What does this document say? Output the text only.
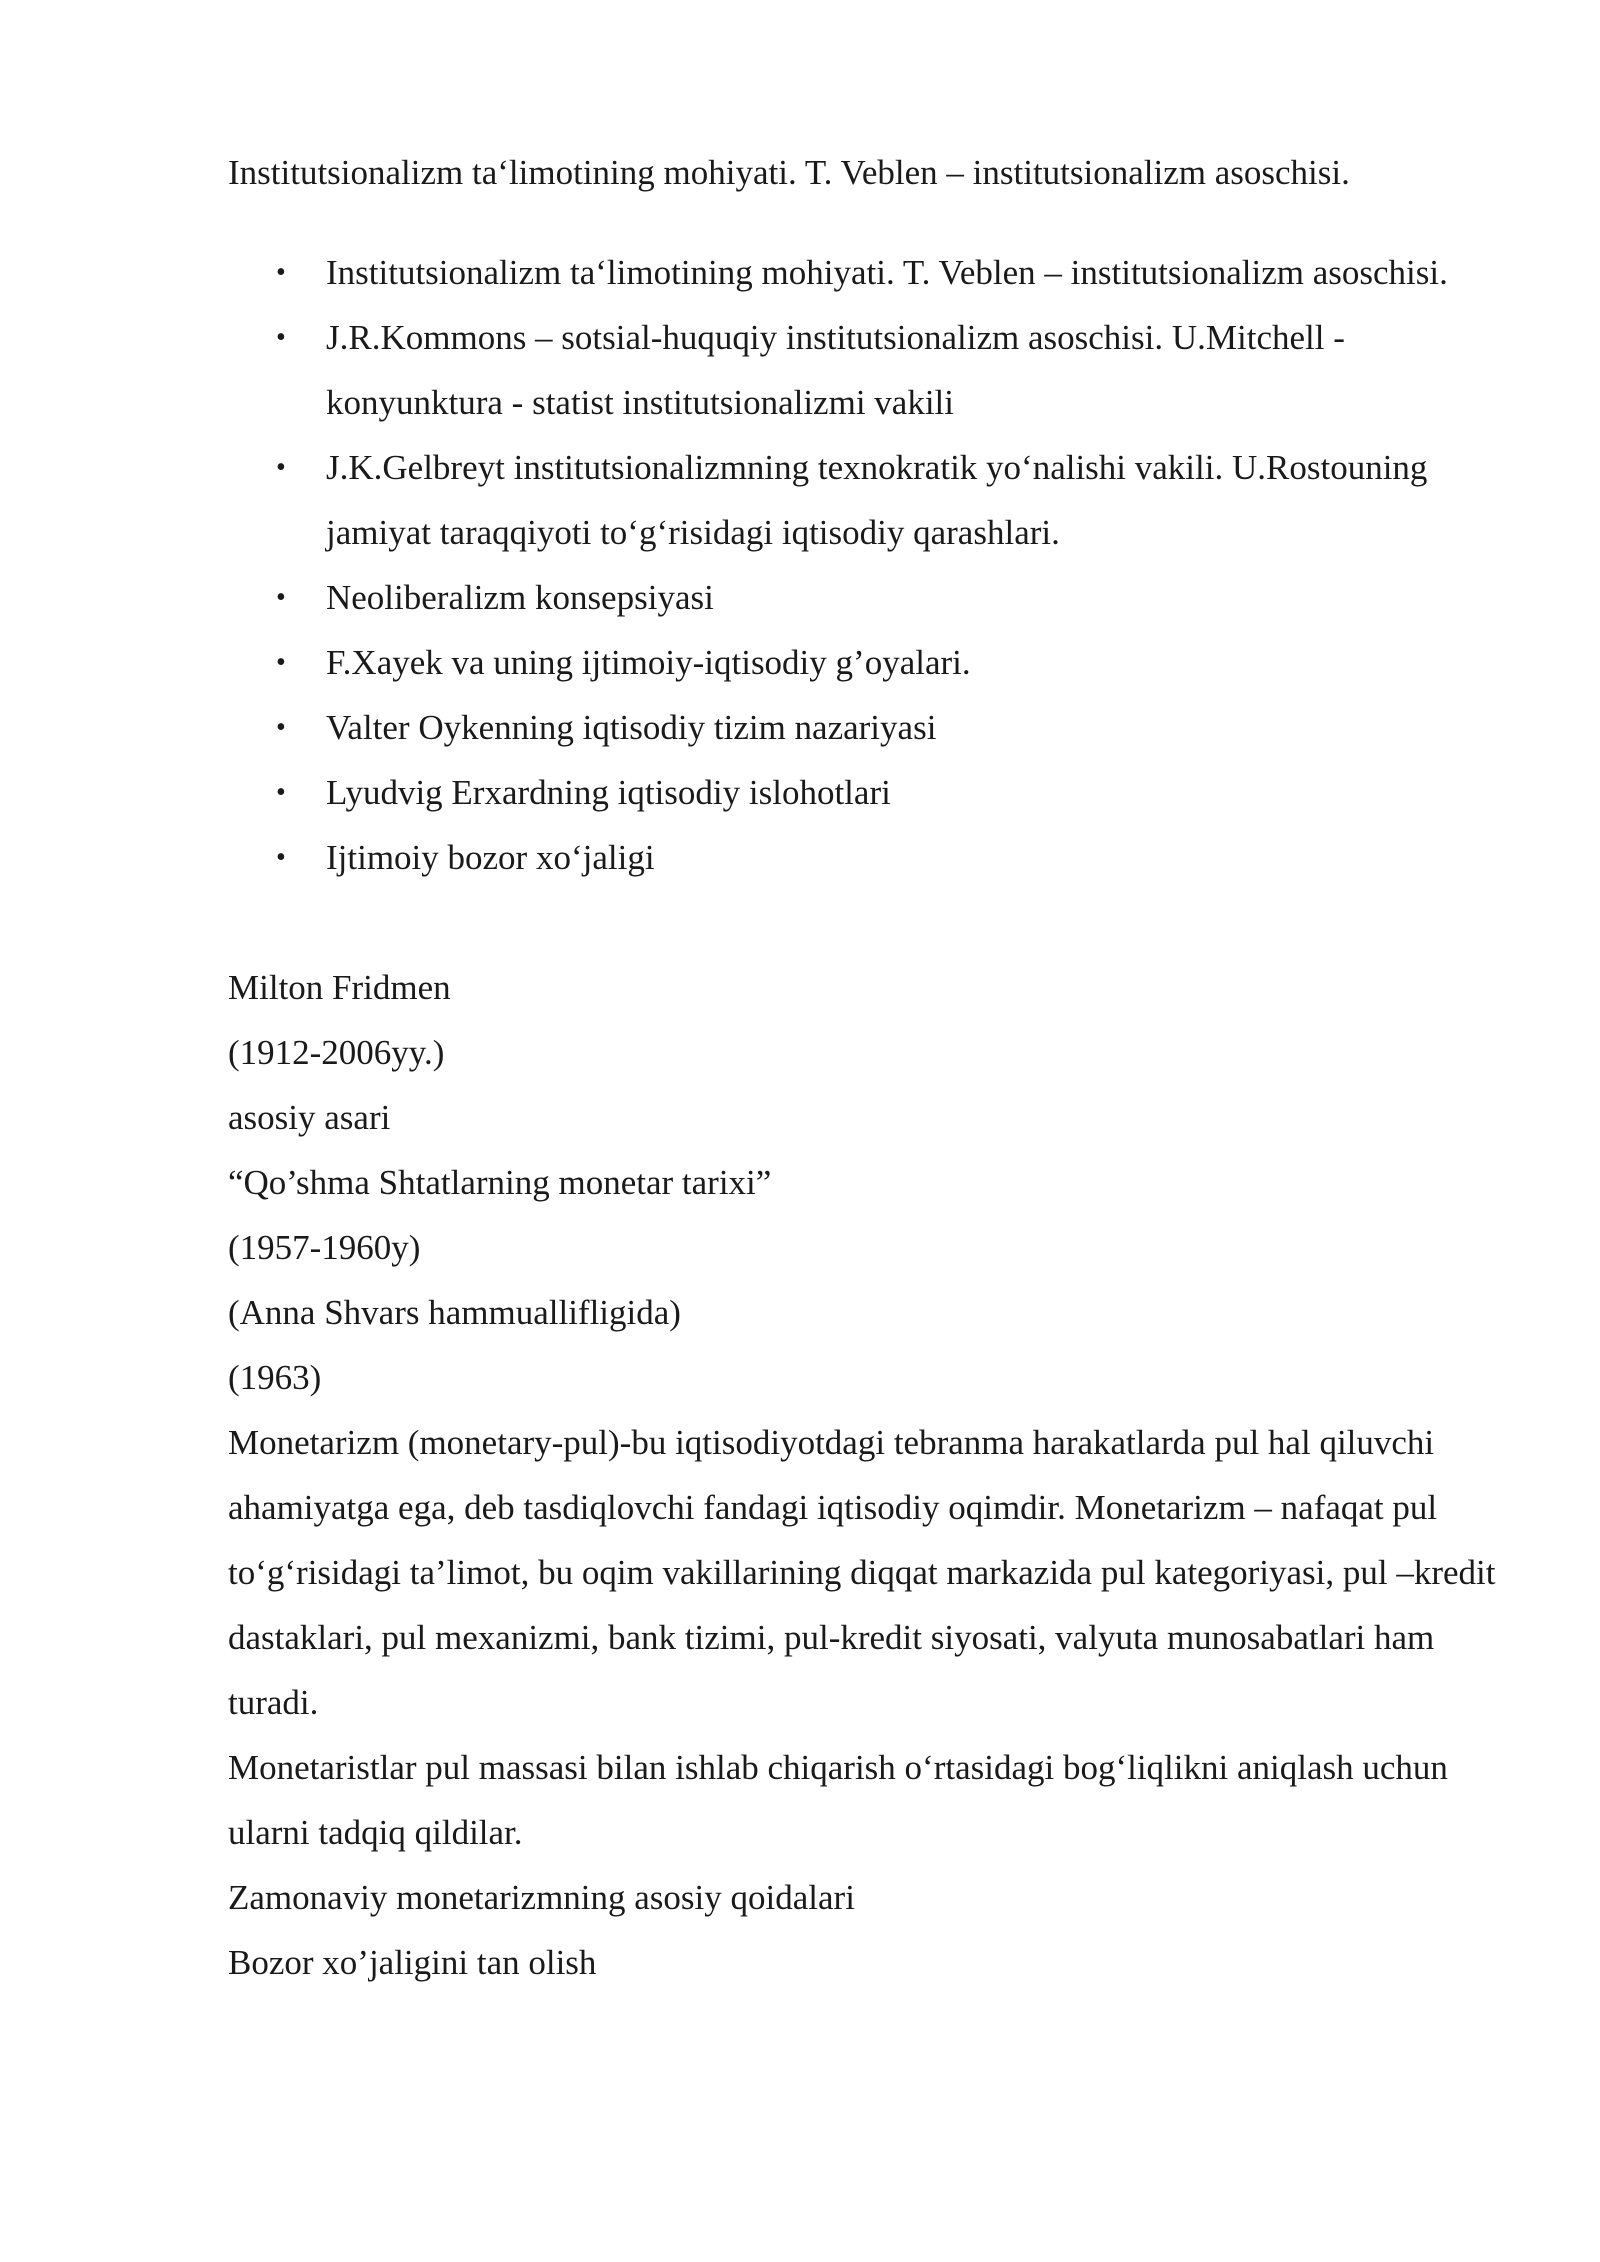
Institutsionalizm ta‘limotining mohiyati. T. Veblen – institutsionalizm asoschisi.

• Institutsionalizm ta‘limotining mohiyati. T. Veblen – institutsionalizm asoschisi.
• J.R.Kommons – sotsial-huquqiy institutsionalizm asoschisi. U.Mitchell - konyunktura - statist institutsionalizmi vakili
• J.K.Gelbreyt institutsionalizmning texnokratik yo‘nalishi vakili. U.Rostouning jamiyat taraqqiyoti to‘g‘risidagi iqtisodiy qarashlari.
• Neoliberalizm konsepsiyasi
• F.Xayek va uning ijtimoiy-iqtisodiy g’oyalari.
• Valter Oykenning iqtisodiy tizim nazariyasi
• Lyudvig Erxardning iqtisodiy islohotlari
• Ijtimoiy bozor xo‘jaligi
Milton Fridmen
(1912-2006yy.)
asosiy asari
“Qo’shma Shtatlarning monetar tarixi”
(1957-1960y)
(Anna Shvars hammuallifligida)
(1963)
Monetarizm (monetary-pul)-bu iqtisodiyotdagi tebranma harakatlarda pul hal qiluvchi ahamiyatga ega, deb tasdiqlovchi fandagi iqtisodiy oqimdir. Monetarizm – nafaqat pul to‘g‘risidagi ta’limot, bu oqim vakillarining diqqat markazida pul kategoriyasi, pul –kredit dastaklari, pul mexanizmi, bank tizimi, pul-kredit siyosati, valyuta munosabatlari ham turadi.
Monetaristlar pul massasi bilan ishlab chiqarish o‘rtasidagi bog‘liqlikni aniqlash uchun ularni tadqiq qildilar.
Zamonaviy monetarizmning asosiy qoidalari
Bozor xo’jaligini tan olish
